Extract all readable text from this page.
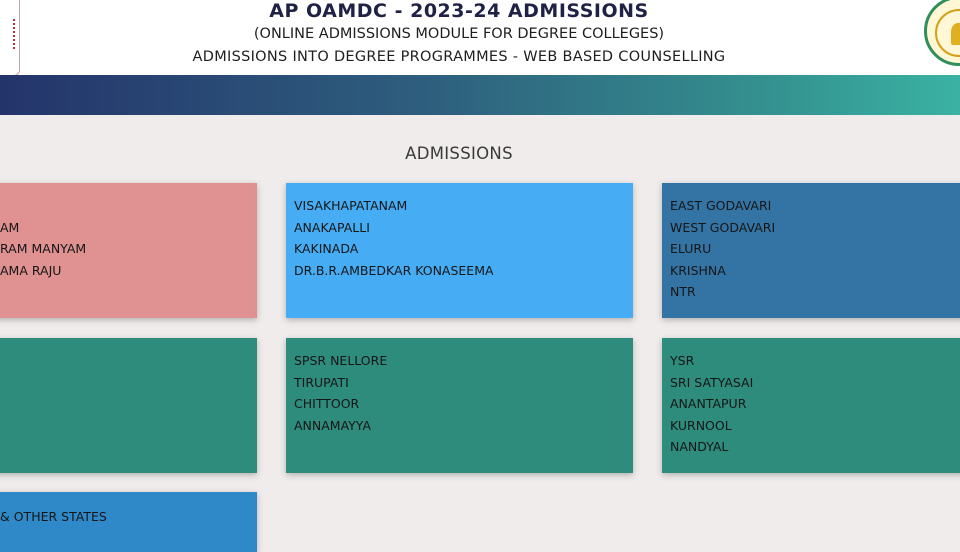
AP OAMDC - 2023-24 ADMISSIONS
(ONLINE ADMISSIONS MODULE FOR DEGREE COLLEGES)
ADMISSIONS INTO DEGREE PROGRAMMES - WEB BASED COUNSELLING
ADMISSIONS

AM
RAM MANYAM
AMA RAJU
VISAKHAPATANAM
ANAKAPALLI
KAKINADA
DR.B.R.AMBEDKAR KONASEEMA
EAST GODAVARI
WEST GODAVARI
ELURU
KRISHNA
NTR
SPSR NELLORE
TIRUPATI
CHITTOOR
ANNAMAYYA
YSR
SRI SATYASAI
ANANTAPUR
KURNOOL
NANDYAL
& OTHER STATES
